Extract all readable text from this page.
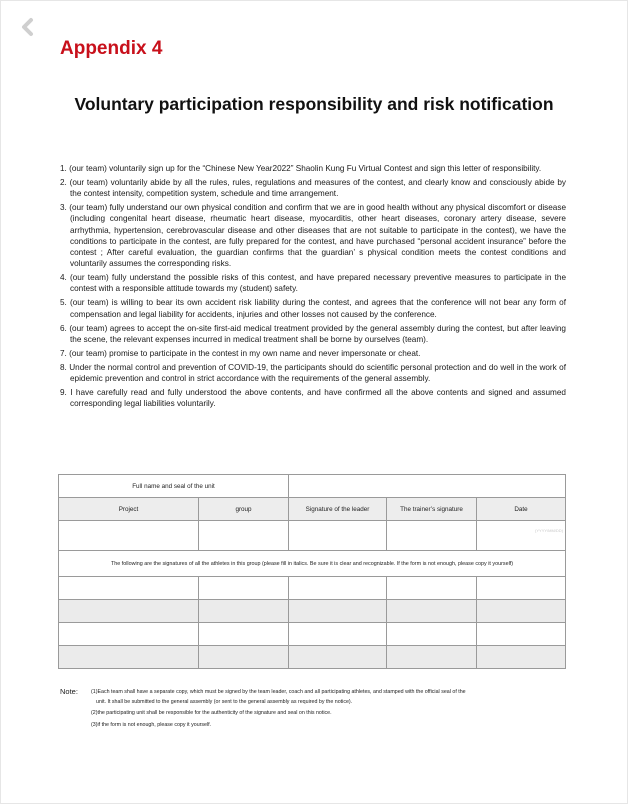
Appendix 4
Voluntary participation responsibility and risk notification
1. (our team) voluntarily sign up for the “Chinese New Year2022” Shaolin Kung Fu Virtual Contest and sign this letter of responsibility.
2. (our team) voluntarily abide by all the rules, rules, regulations and measures of the contest, and clearly know and consciously abide by the contest intensity, competition system, schedule and time arrangement.
3. (our team) fully understand our own physical condition and confirm that we are in good health without any physical discomfort or disease (including congenital heart disease, rheumatic heart disease, myocarditis, other heart diseases, coronary artery disease, severe arrhythmia, hypertension, cerebrovascular disease and other diseases that are not suitable to participate in the contest), we have the conditions to participate in the contest, are fully prepared for the contest, and have purchased “personal accident insurance” before the contest ; After careful evaluation, the guardian confirms that the guardian’ s physical condition meets the contest conditions and voluntarily assumes the corresponding risks.
4. (our team) fully understand the possible risks of this contest, and have prepared necessary preventive measures to participate in the contest with a responsible attitude towards my (student) safety.
5. (our team) is willing to bear its own accident risk liability during the contest, and agrees that the conference will not bear any form of compensation and legal liability for accidents, injuries and other losses not caused by the conference.
6. (our team) agrees to accept the on-site first-aid medical treatment provided by the general assembly during the contest, but after leaving the scene, the relevant expenses incurred in medical treatment shall be borne by ourselves (team).
7. (our team) promise to participate in the contest in my own name and never impersonate or cheat.
8. Under the normal control and prevention of COVID-19, the participants should do scientific personal protection and do well in the work of epidemic prevention and control in strict accordance with the requirements of the general assembly.
9. I have carefully read and fully understood the above contents, and have confirmed all the above contents and signed and assumed corresponding legal liabilities voluntarily.
Full name and seal of the unit				
Project	group	Signature of the leader	The trainer’s signature	Date
				(YYYY/MM/DD)
The following are the signatures of all the athletes in this group (please fill in italics. Be sure it is clear and recognizable. If the form is not enough, please copy it yourself)				

Note: (1)Each team shall have a separate copy, which must be signed by the team leader, coach and all participating athletes, and stamped with the official seal of the
unit. It shall be submitted to the general assembly (or sent to the general assembly as required by the notice).
(2)the participating unit shall be responsible for the authenticity of the signature and seal on this notice.
(3)if the form is not enough, please copy it yourself.
